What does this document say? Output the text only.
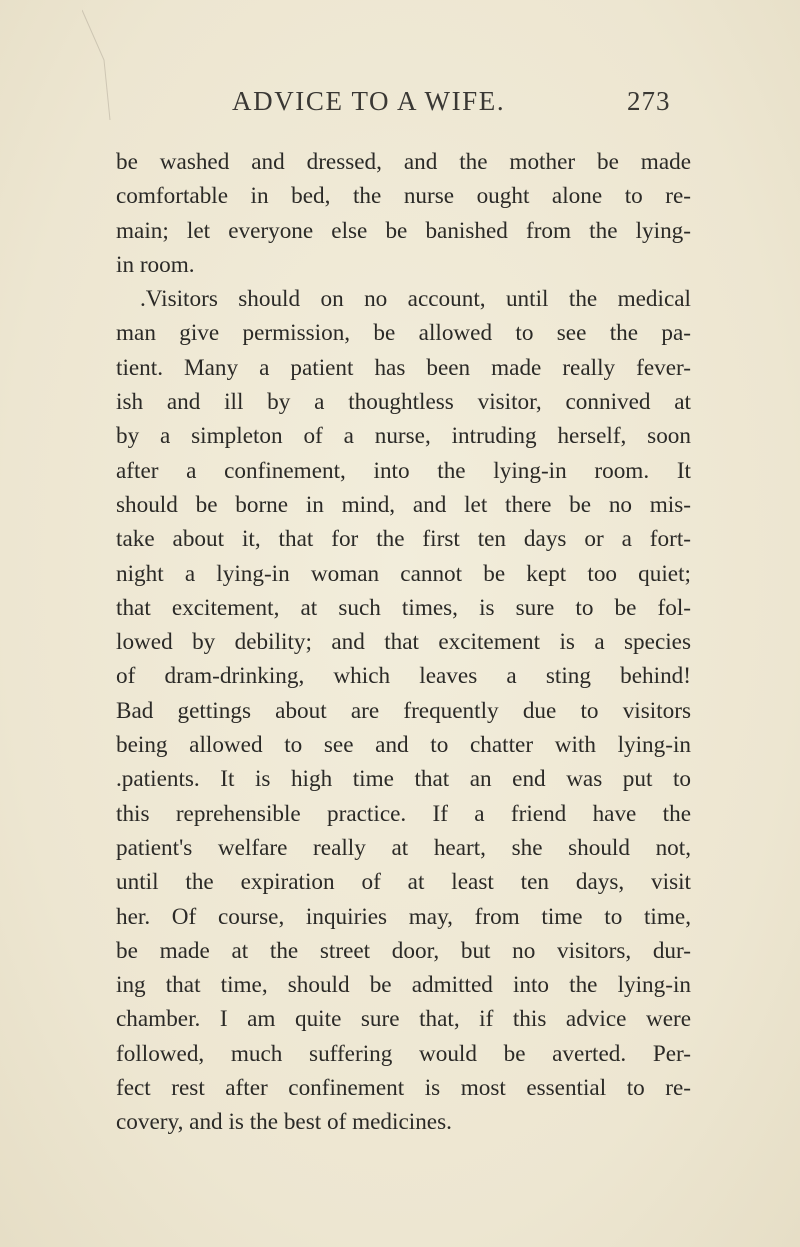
ADVICE TO A WIFE.	273
be washed and dressed, and the mother be made
comfortable in bed, the nurse ought alone to re-
main; let everyone else be banished from the lying-
in room.
.Visitors should on no account, until the medical
man give permission, be allowed to see the pa-
tient. Many a patient has been made really fever-
ish and ill by a thoughtless visitor, connived at
by a simpleton of a nurse, intruding herself, soon
after a confinement, into the lying-in room. It
should be borne in mind, and let there be no mis-
take about it, that for the first ten days or a fort-
night a lying-in woman cannot be kept too quiet;
that excitement, at such times, is sure to be fol-
lowed by debility; and that excitement is a species
of dram-drinking, which leaves a sting behind!
Bad gettings about are frequently due to visitors
being allowed to see and to chatter with lying-in
.patients. It is high time that an end was put to
this reprehensible practice. If a friend have the
patient's welfare really at heart, she should not,
until the expiration of at least ten days, visit
her. Of course, inquiries may, from time to time,
be made at the street door, but no visitors, dur-
ing that time, should be admitted into the lying-in
chamber. I am quite sure that, if this advice were
followed, much suffering would be averted. Per-
fect rest after confinement is most essential to re-
covery, and is the best of medicines.
